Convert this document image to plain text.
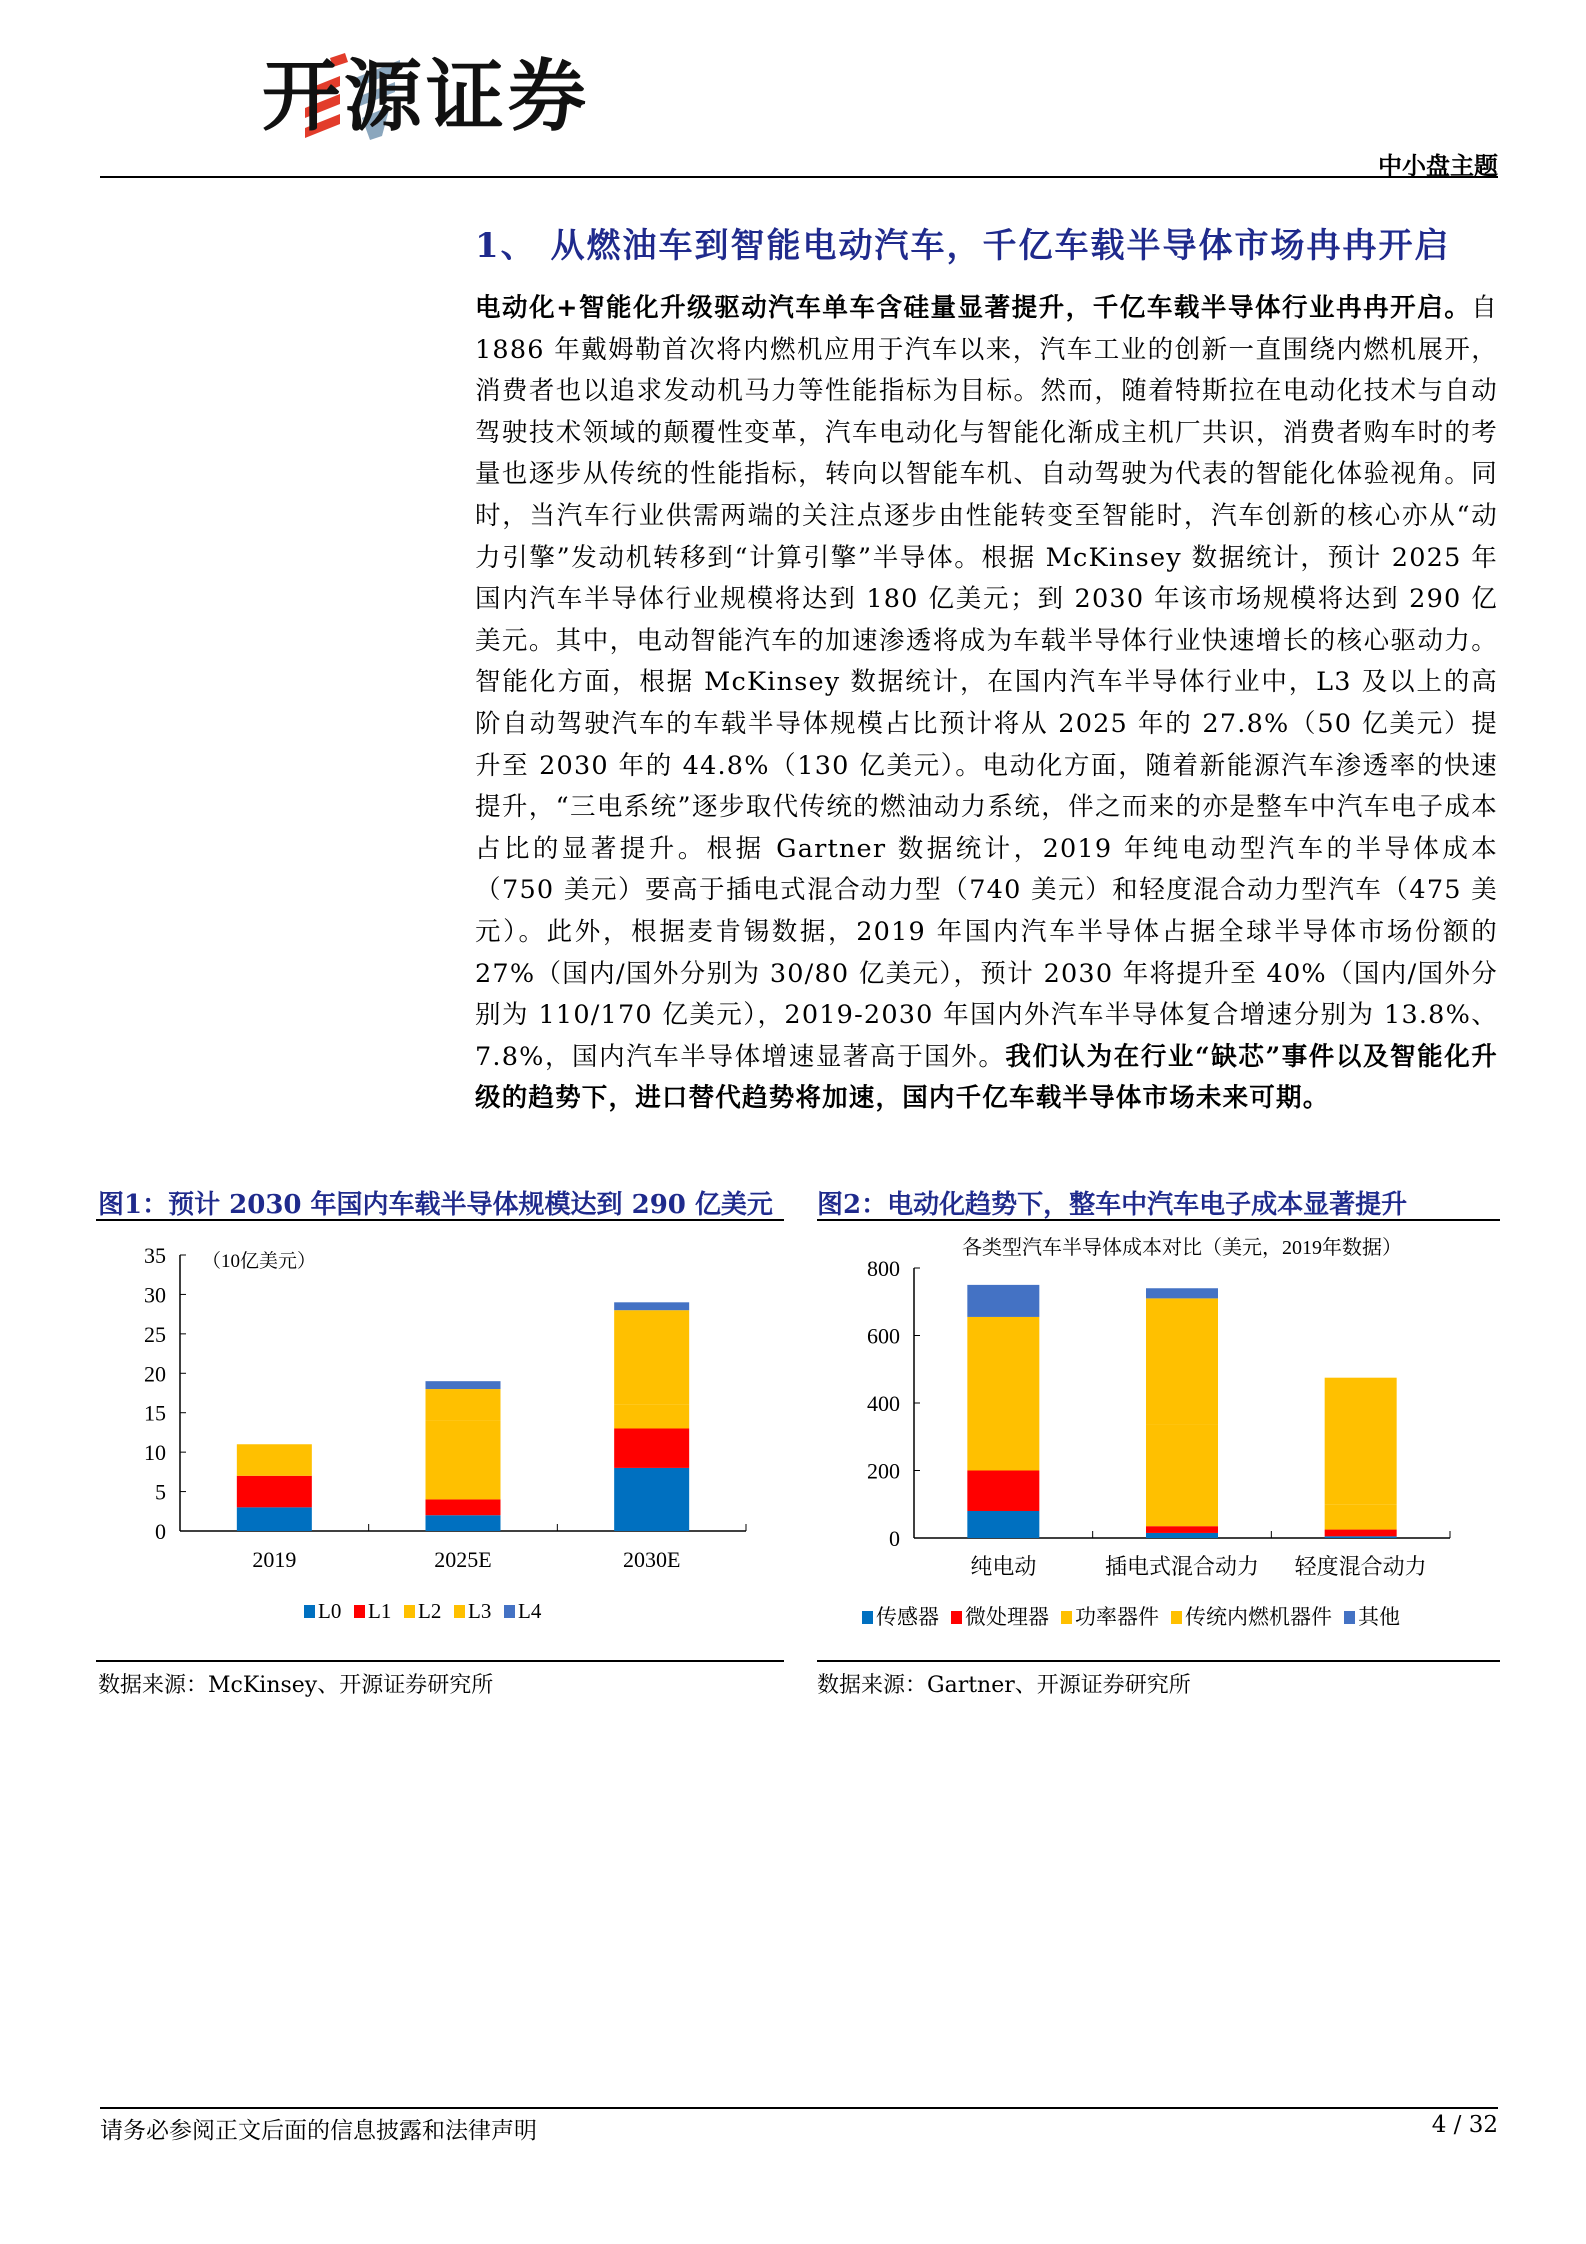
开源证券
中小盘主题
1、 从燃油车到智能电动汽车，千亿车载半导体市场冉冉开启
电动化+智能化升级驱动汽车单车含硅量显著提升，千亿车载半导体行业冉冉开启。自 1886 年戴姆勒首次将内燃机应用于汽车以来，汽车工业的创新一直围绕内燃机展开，消费者也以追求发动机马力等性能指标为目标。然而，随着特斯拉在电动化技术与自动驾驶技术领域的颠覆性变革，汽车电动化与智能化渐成主机厂共识，消费者购车时的考量也逐步从传统的性能指标，转向以智能车机、自动驾驶为代表的智能化体验视角。同时，当汽车行业供需两端的关注点逐步由性能转变至智能时，汽车创新的核心亦从“动力引擎”发动机转移到“计算引擎”半导体。根据 McKinsey 数据统计，预计 2025 年国内汽车半导体行业规模将达到 180 亿美元；到 2030 年该市场规模将达到 290 亿美元。其中，电动智能汽车的加速渗透将成为车载半导体行业快速增长的核心驱动力。智能化方面，根据 McKinsey 数据统计，在国内汽车半导体行业中，L3 及以上的高阶自动驾驶汽车的车载半导体规模占比预计将从 2025 年的 27.8%（50 亿美元）提升至 2030 年的 44.8%（130 亿美元）。电动化方面，随着新能源汽车渗透率的快速提升，“三电系统”逐步取代传统的燃油动力系统，伴之而来的亦是整车中汽车电子成本占比的显著提升。根据 Gartner 数据统计，2019 年纯电动型汽车的半导体成本（750 美元）要高于插电式混合动力型（740 美元）和轻度混合动力型汽车（475 美元）。此外，根据麦肯锡数据，2019 年国内汽车半导体占据全球半导体市场份额的 27%（国内/国外分别为 30/80 亿美元），预计 2030 年将提升至 40%（国内/国外分别为 110/170 亿美元），2019-2030 年国内外汽车半导体复合增速分别为 13.8%、7.8%，国内汽车半导体增速显著高于国外。我们认为在行业“缺芯”事件以及智能化升级的趋势下，进口替代趋势将加速，国内千亿车载半导体市场未来可期。
图1：预计 2030 年国内车载半导体规模达到 290 亿美元
0
5
10
15
20
25
30
35
2019	2025E	2030E
（10亿美元）
L0 L1 L2 L3 L4
数据来源：McKinsey、开源证券研究所
图2：电动化趋势下，整车中汽车电子成本显著提升
0
200
400
600
800
纯电动	插电式混合动力 轻度混合动力
各类型汽车半导体成本对比（美元，2019年数据）
传感器 微处理器 功率器件 传统内燃机器件 其他
数据来源：Gartner、开源证券研究所
请务必参阅正文后面的信息披露和法律声明	4 / 32
